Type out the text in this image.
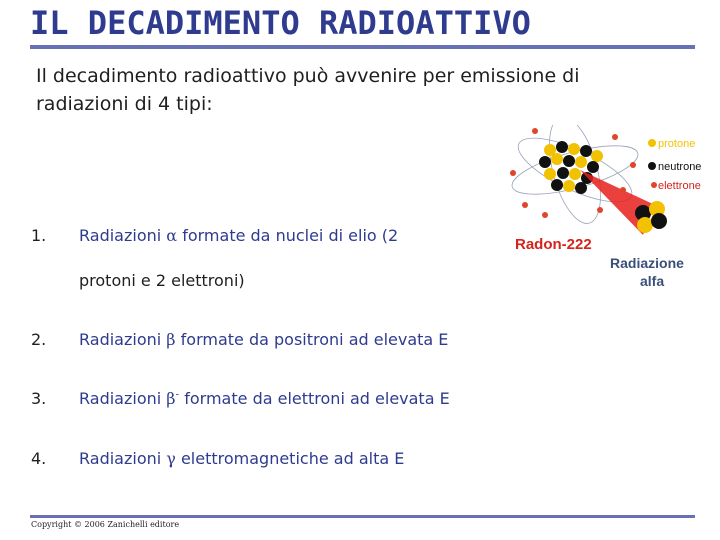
IL DECADIMENTO RADIOATTIVO
Il decadimento radioattivo può avvenire per emissione di radiazioni di 4 tipi:
1. Radiazioni α formate da nuclei di elio (2
protoni e 2 elettroni)
2. Radiazioni β formate da positroni ad elevata E
3. Radiazioni β- formate da elettroni ad elevata E
4. Radiazioni γ elettromagnetiche ad alta E
protone
neutrone
elettrone
Radon-222
Radiazione
alfa
Copyright © 2006 Zanichelli editore
